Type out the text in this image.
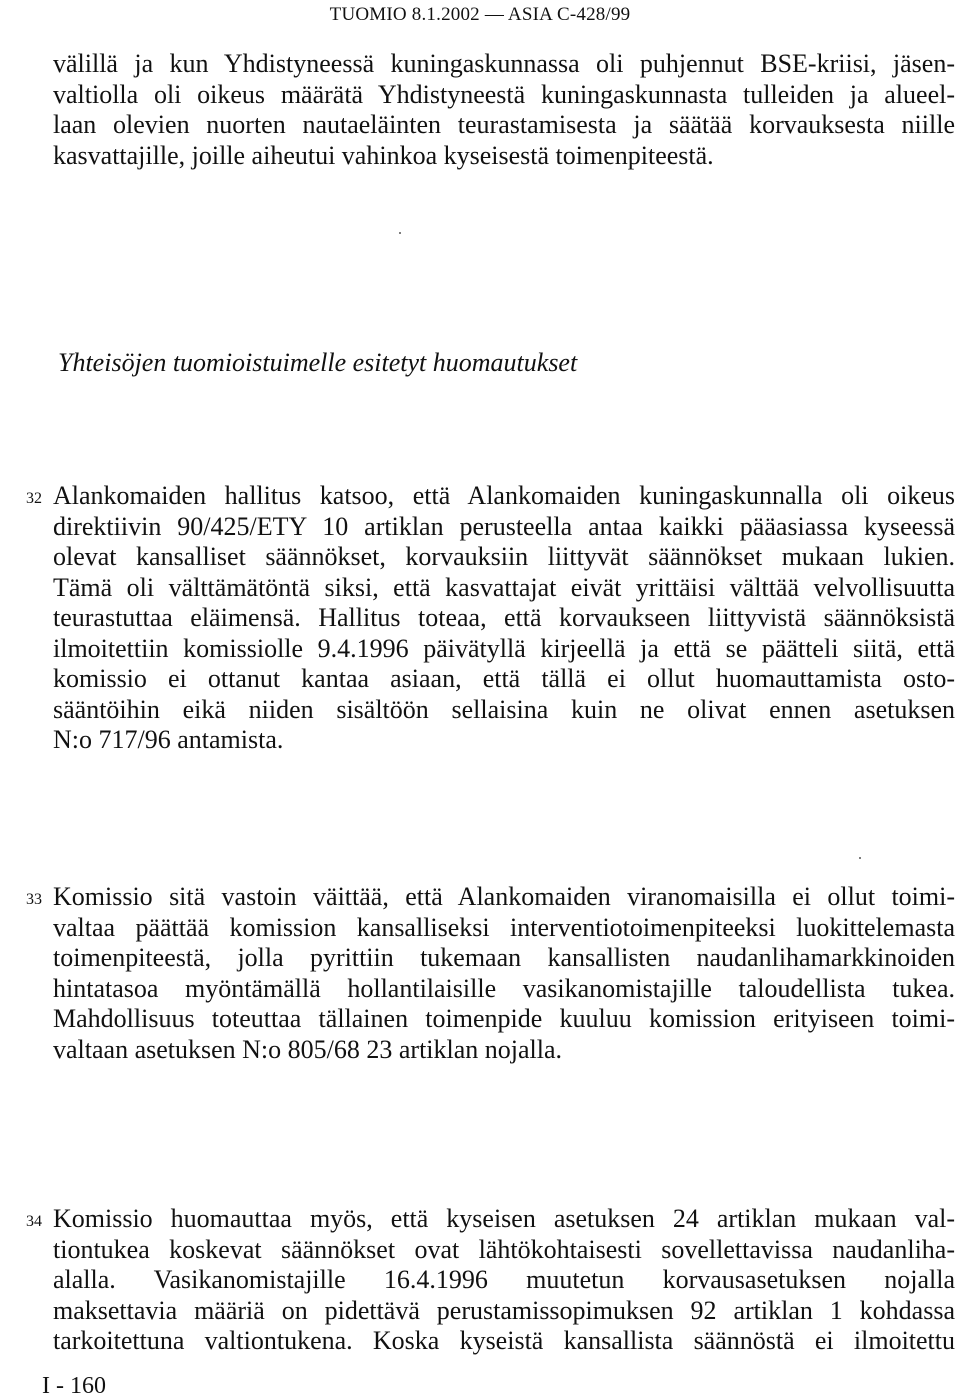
TUOMIO 8.1.2002 — ASIA C-428/99
välillä ja kun Yhdistyneessä kuningaskunnassa oli puhjennut BSE-kriisi, jäsen-
valtiolla oli oikeus määrätä Yhdistyneestä kuningaskunnasta tulleiden ja alueel-
laan olevien nuorten nautaeläinten teurastamisesta ja säätää korvauksesta niille
kasvattajille, joille aiheutui vahinkoa kyseisestä toimenpiteestä.
Yhteisöjen tuomioistuimelle esitetyt huomautukset
32 Alankomaiden hallitus katsoo, että Alankomaiden kuningaskunnalla oli oikeus
direktiivin 90/425/ETY 10 artiklan perusteella antaa kaikki pääasiassa kyseessä
olevat kansalliset säännökset, korvauksiin liittyvät säännökset mukaan lukien.
Tämä oli välttämätöntä siksi, että kasvattajat eivät yrittäisi välttää velvollisuutta
teurastuttaa eläimensä. Hallitus toteaa, että korvaukseen liittyvistä säännöksistä
ilmoitettiin komissiolle 9.4.1996 päivätyllä kirjeellä ja että se päätteli siitä, että
komissio ei ottanut kantaa asiaan, että tällä ei ollut huomauttamista osto-
sääntöihin eikä niiden sisältöön sellaisina kuin ne olivat ennen asetuksen
N:o 717/96 antamista.
33 Komissio sitä vastoin väittää, että Alankomaiden viranomaisilla ei ollut toimi-
valtaa päättää komission kansalliseksi interventiotoimenpiteeksi luokittelemasta
toimenpiteestä, jolla pyrittiin tukemaan kansallisten naudanlihamarkkinoiden
hintatasoa myöntämällä hollantilaisille vasikanomistajille taloudellista tukea.
Mahdollisuus toteuttaa tällainen toimenpide kuuluu komission erityiseen toimi-
valtaan asetuksen N:o 805/68 23 artiklan nojalla.
34 Komissio huomauttaa myös, että kyseisen asetuksen 24 artiklan mukaan val-
tiontukea koskevat säännökset ovat lähtökohtaisesti sovellettavissa naudanliha-
alalla. Vasikanomistajille 16.4.1996 muutetun korvausasetuksen nojalla
maksettavia määriä on pidettävä perustamissopimuksen 92 artiklan 1 kohdassa
tarkoitettuna valtiontukena. Koska kyseistä kansallista säännöstä ei ilmoitettu
I - 160
